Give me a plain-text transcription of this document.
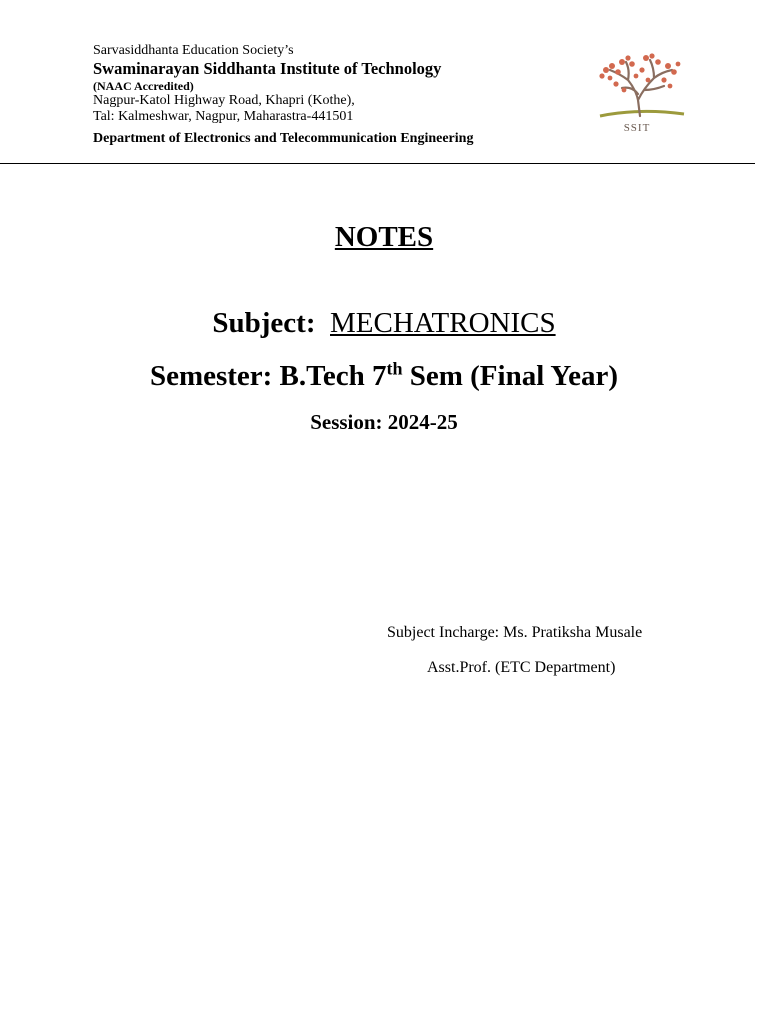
Sarvasiddhanta Education Society’s
Swaminarayan Siddhanta Institute of Technology
(NAAC Accredited)
Nagpur-Katol Highway Road, Khapri (Kothe),
Tal: Kalmeshwar, Nagpur, Maharastra-441501
Department of Electronics and Telecommunication Engineering
SSIT
NOTES
Subject: MECHATRONICS
Semester: B.Tech 7th Sem (Final Year)
Session: 2024-25
Subject Incharge: Ms. Pratiksha Musale
Asst.Prof. (ETC Department)
